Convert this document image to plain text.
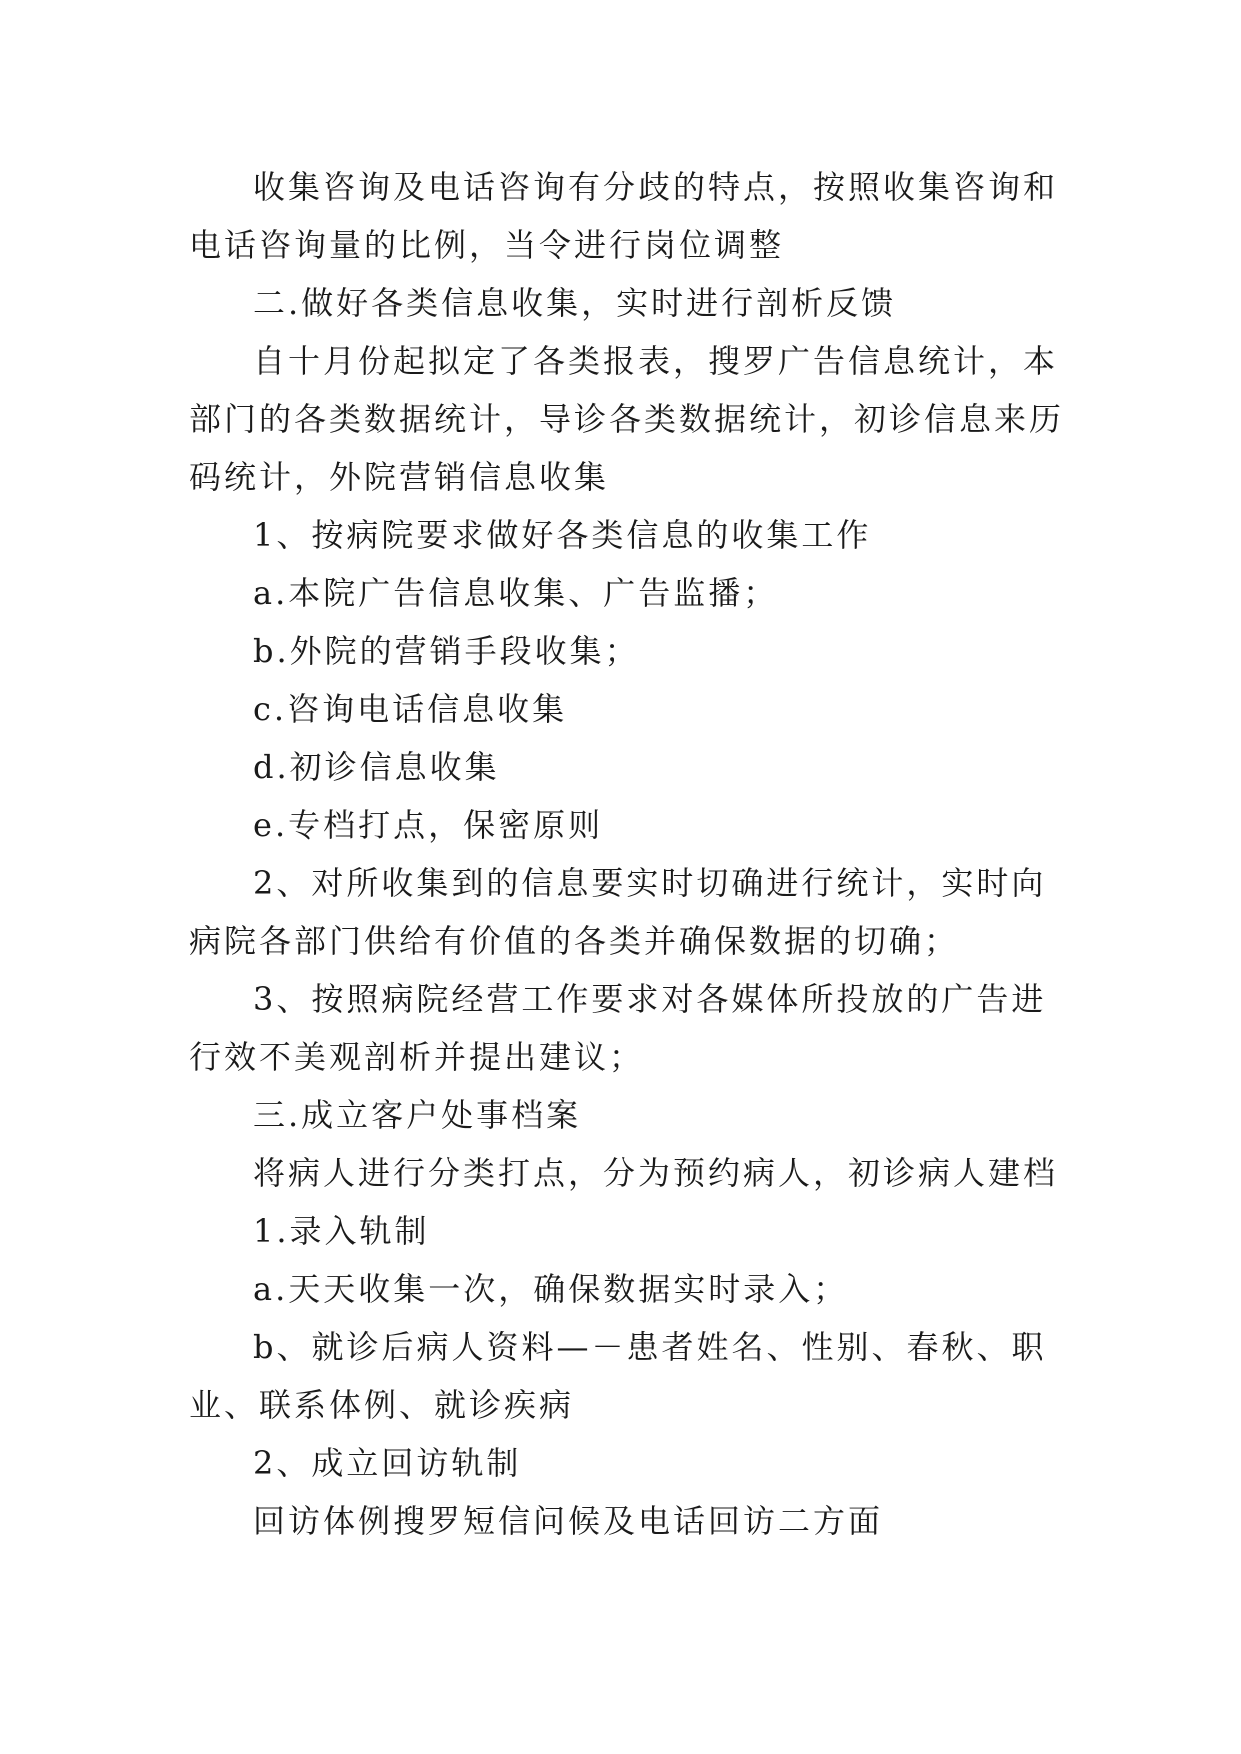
收集咨询及电话咨询有分歧的特点，按照收集咨询和电话咨询量的比例，当令进行岗位调整

二.做好各类信息收集，实时进行剖析反馈

自十月份起拟定了各类报表，搜罗广告信息统计，本部门的各类数据统计，导诊各类数据统计，初诊信息来历码统计，外院营销信息收集

1、按病院要求做好各类信息的收集工作

a.本院广告信息收集、广告监播；

b.外院的营销手段收集；

c.咨询电话信息收集

d.初诊信息收集

e.专档打点，保密原则

2、对所收集到的信息要实时切确进行统计，实时向病院各部门供给有价值的各类并确保数据的切确；

3、按照病院经营工作要求对各媒体所投放的广告进行效不美观剖析并提出建议；

三.成立客户处事档案

将病人进行分类打点，分为预约病人，初诊病人建档

1.录入轨制

a.天天收集一次，确保数据实时录入；

b、就诊后病人资料—－患者姓名、性别、春秋、职业、联系体例、就诊疾病

2、成立回访轨制

回访体例搜罗短信问候及电话回访二方面
